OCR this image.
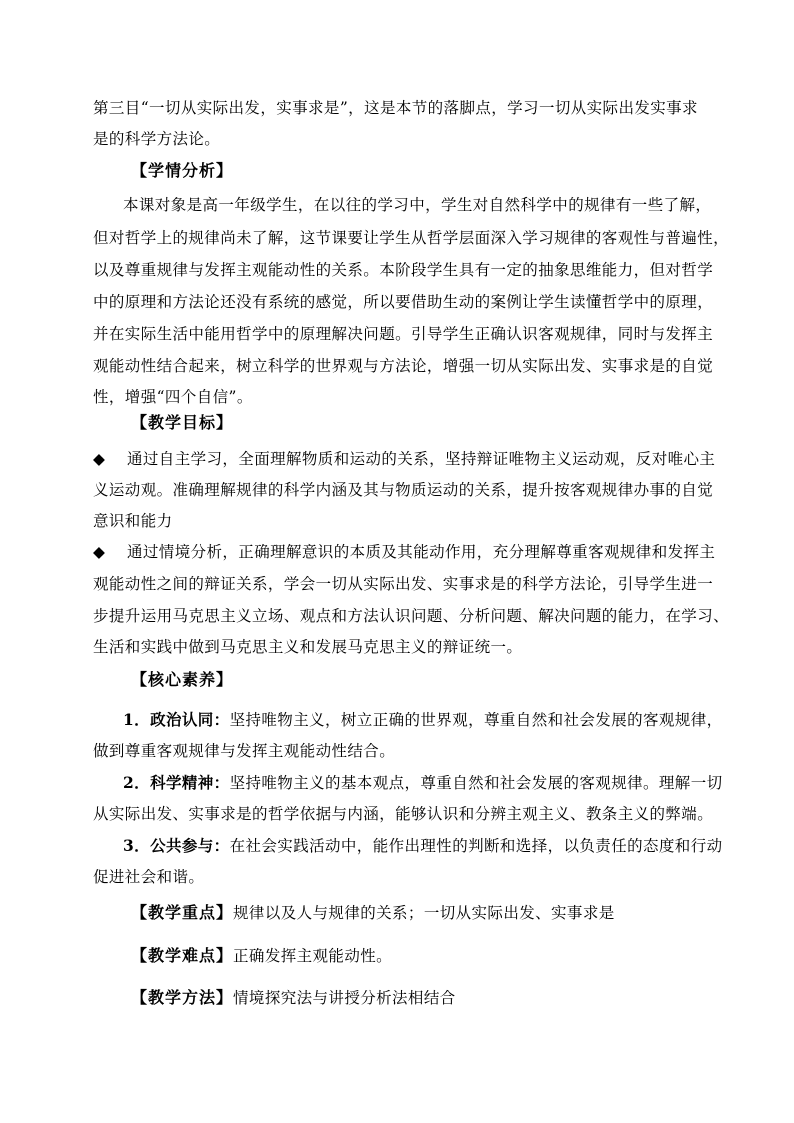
第三目“一切从实际出发，实事求是”，这是本节的落脚点，学习一切从实际出发实事求
是的科学方法论。
【学情分析】
本课对象是高一年级学生，在以往的学习中，学生对自然科学中的规律有一些了解，
但对哲学上的规律尚未了解，这节课要让学生从哲学层面深入学习规律的客观性与普遍性，
以及尊重规律与发挥主观能动性的关系。本阶段学生具有一定的抽象思维能力，但对哲学
中的原理和方法论还没有系统的感觉，所以要借助生动的案例让学生读懂哲学中的原理，
并在实际生活中能用哲学中的原理解决问题。引导学生正确认识客观规律，同时与发挥主
观能动性结合起来，树立科学的世界观与方法论，增强一切从实际出发、实事求是的自觉
性，增强“四个自信”。
【教学目标】
◆ 通过自主学习，全面理解物质和运动的关系，坚持辩证唯物主义运动观，反对唯心主
义运动观。准确理解规律的科学内涵及其与物质运动的关系，提升按客观规律办事的自觉
意识和能力
◆ 通过情境分析，正确理解意识的本质及其能动作用，充分理解尊重客观规律和发挥主
观能动性之间的辩证关系，学会一切从实际出发、实事求是的科学方法论，引导学生进一
步提升运用马克思主义立场、观点和方法认识问题、分析问题、解决问题的能力，在学习、
生活和实践中做到马克思主义和发展马克思主义的辩证统一。
【核心素养】
1．政治认同：坚持唯物主义，树立正确的世界观，尊重自然和社会发展的客观规律，
做到尊重客观规律与发挥主观能动性结合。
2．科学精神：坚持唯物主义的基本观点，尊重自然和社会发展的客观规律。理解一切
从实际出发、实事求是的哲学依据与内涵，能够认识和分辨主观主义、教条主义的弊端。
3．公共参与：在社会实践活动中，能作出理性的判断和选择，以负责任的态度和行动
促进社会和谐。
【教学重点】规律以及人与规律的关系；一切从实际出发、实事求是
【教学难点】正确发挥主观能动性。
【教学方法】情境探究法与讲授分析法相结合
